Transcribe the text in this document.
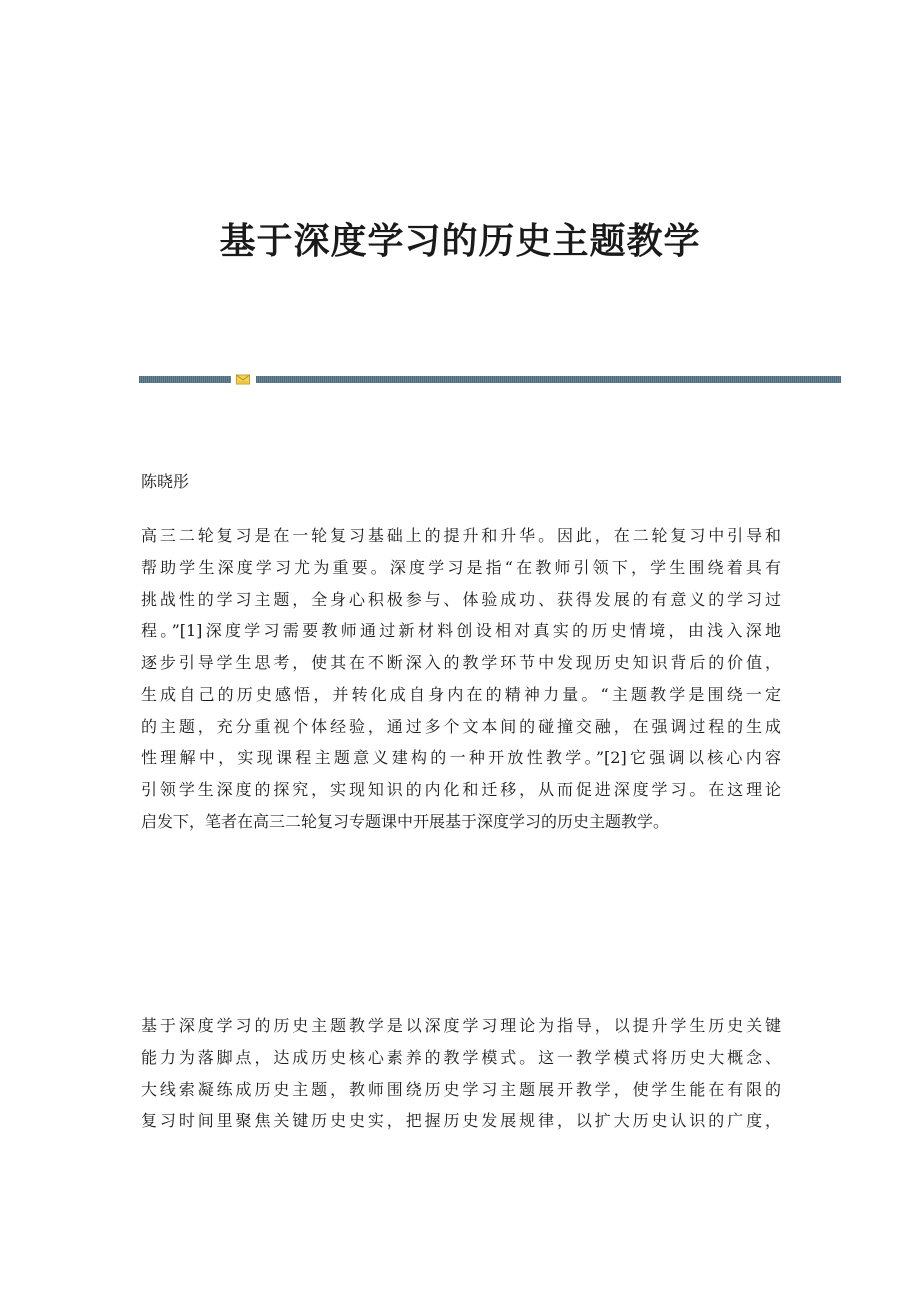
基于深度学习的历史主题教学

陈晓彤

高三二轮复习是在一轮复习基础上的提升和升华。因此，在二轮复习中引导和
帮助学生深度学习尤为重要。深度学习是指“在教师引领下，学生围绕着具有
挑战性的学习主题，全身心积极参与、体验成功、获得发展的有意义的学习过
程。”[1]深度学习需要教师通过新材料创设相对真实的历史情境，由浅入深地
逐步引导学生思考，使其在不断深入的教学环节中发现历史知识背后的价值，
生成自己的历史感悟，并转化成自身内在的精神力量。“主题教学是围绕一定
的主题，充分重视个体经验，通过多个文本间的碰撞交融，在强调过程的生成
性理解中，实现课程主题意义建构的一种开放性教学。”[2]它强调以核心内容
引领学生深度的探究，实现知识的内化和迁移，从而促进深度学习。在这理论
启发下，笔者在高三二轮复习专题课中开展基于深度学习的历史主题教学。

基于深度学习的历史主题教学是以深度学习理论为指导，以提升学生历史关键
能力为落脚点，达成历史核心素养的教学模式。这一教学模式将历史大概念、
大线索凝练成历史主题，教师围绕历史学习主题展开教学，使学生能在有限的
复习时间里聚焦关键历史史实，把握历史发展规律，以扩大历史认识的广度，
